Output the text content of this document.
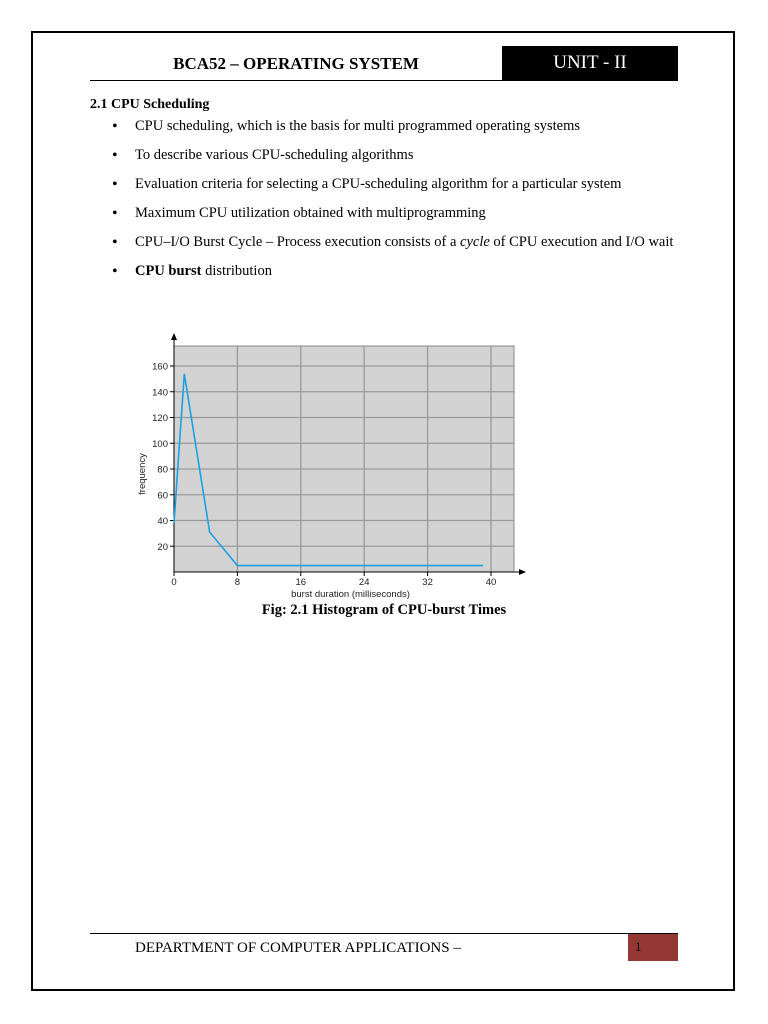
BCA52 – OPERATING SYSTEM	UNIT - II
2.1 CPU Scheduling
• CPU scheduling, which is the basis for multi programmed operating systems
• To describe various CPU-scheduling algorithms
• Evaluation criteria for selecting a CPU-scheduling algorithm for a particular system
• Maximum CPU utilization obtained with multiprogramming
• CPU–I/O Burst Cycle – Process execution consists of a cycle of CPU execution and I/O wait
• CPU burst distribution
20
40
60
80
100
120
140
160
0	8	16	24	32	40
burst duration (milliseconds)
frequency
Fig: 2.1 Histogram of CPU-burst Times
DEPARTMENT OF COMPUTER APPLICATIONS –	1
